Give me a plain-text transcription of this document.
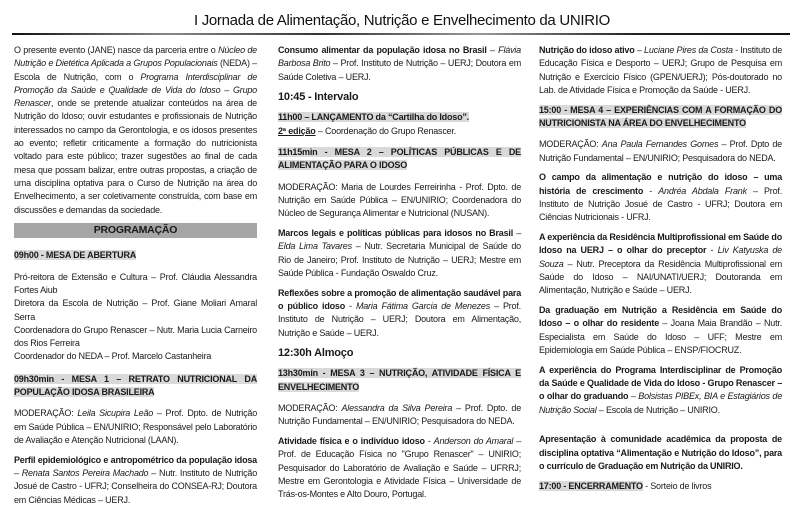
I Jornada de Alimentação, Nutrição e Envelhecimento da UNIRIO
O presente evento (JANE) nasce da parceria entre o Núcleo de Nutrição e Dietética Aplicada a Grupos Populacionais (NEDA) – Escola de Nutrição, com o Programa Interdisciplinar de Promoção da Saúde e Qualidade de Vida do Idoso – Grupo Renascer, onde se pretende atualizar conteúdos na área de Nutrição do Idoso; ouvir estudantes e profissionais de Nutrição interessados no campo da Gerontologia, e os idosos presentes ao evento; refletir criticamente a formação do nutricionista voltado para este público; trazer sugestões ao final de cada mesa que possam balizar, entre outras propostas, a criação de uma disciplina optativa para o Curso de Nutrição na área do Envelhecimento, a ser coletivamente construída, com base em discussões e demandas da sociedade.
PROGRAMAÇÃO
09h00 - MESA DE ABERTURA
Pró-reitora de Extensão e Cultura – Prof. Cláudia Alessandra Fortes Aiub
Diretora da Escola de Nutrição – Prof. Giane Moliari Amaral Serra
Coordenadora do Grupo Renascer – Nutr. Maria Lucia Carneiro dos Rios Ferreira
Coordenador do NEDA – Prof. Marcelo Castanheira
09h30min - MESA 1 – RETRATO NUTRICIONAL DA POPULAÇÃO IDOSA BRASILEIRA
MODERAÇÃO: Leila Sicupira Leão – Prof. Dpto. de Nutrição em Saúde Pública – EN/UNIRIO; Responsável pelo Laboratório de Avaliação e Atenção Nutricional (LAAN).
Perfil epidemiológico e antropométrico da população idosa – Renata Santos Pereira Machado – Nutr. Instituto de Nutrição Josué de Castro - UFRJ; Conselheira do CONSEA-RJ; Doutora em Ciências Médicas – UERJ.
Consumo alimentar da população idosa no Brasil – Flávia Barbosa Brito – Prof. Instituto de Nutrição – UERJ; Doutora em Saúde Coletiva – UERJ.
10:45 - Intervalo
11h00 – LANÇAMENTO da “Cartilha do Idoso”.
2ª edição – Coordenação do Grupo Renascer.
11h15min - MESA 2 – POLÍTICAS PÚBLICAS E DE ALIMENTAÇÃO PARA O IDOSO
MODERAÇÃO: Maria de Lourdes Ferreirinha - Prof. Dpto. de Nutrição em Saúde Pública – EN/UNIRIO; Coordenadora do Núcleo de Segurança Alimentar e Nutricional (NUSAN).
Marcos legais e políticas públicas para idosos no Brasil – Elda Lima Tavares – Nutr. Secretaria Municipal de Saúde do Rio de Janeiro; Prof. Instituto de Nutrição – UERJ; Mestre em Saúde Pública - Fundação Oswaldo Cruz.
Reflexões sobre a promoção de alimentação saudável para o público idoso - Maria Fátima Garcia de Menezes – Prof. Instituto de Nutrição – UERJ; Doutora em Alimentação, Nutrição e Saúde – UERJ.
12:30h Almoço
13h30min - MESA 3 – NUTRIÇÃO, ATIVIDADE FÍSICA E ENVELHECIMENTO
MODERAÇÃO: Alessandra da Silva Pereira – Prof. Dpto. de Nutrição Fundamental – EN/UNIRIO; Pesquisadora do NEDA.
Atividade física e o indivíduo idoso - Anderson do Amaral – Prof. de Educação Física no "Grupo Renascer" – UNIRIO; Pesquisador do Laboratório de Avaliação e Saúde – UFRRJ; Mestre em Gerontologia e Atividade Física – Universidade de Trás-os-Montes e Alto Douro, Portugal.
Nutrição do idoso ativo – Luciane Pires da Costa - Instituto de Educação Física e Desporto – UERJ; Grupo de Pesquisa em Nutrição e Exercício Físico (GPEN/UERJ); Pós-doutorado no Lab. de Atividade Física e Promoção da Saúde - UERJ.
15:00 - MESA 4 – EXPERIÊNCIAS COM A FORMAÇÃO DO NUTRICIONISTA NA ÁREA DO ENVELHECIMENTO
MODERAÇÃO: Ana Paula Fernandes Gomes – Prof. Dpto de Nutrição Fundamental – EN/UNIRIO; Pesquisadora do NEDA.
O campo da alimentação e nutrição do idoso – uma história de crescimento - Andréa Abdala Frank – Prof. Instituto de Nutrição Josué de Castro - UFRJ; Doutora em Ciências Nutricionais - UFRJ.
A experiência da Residência Multiprofissional em Saúde do Idoso na UERJ – o olhar do preceptor - Liv Katyuska de Souza – Nutr. Preceptora da Residência Multiprofissional em Saúde do Idoso – NAI/UNATI/UERJ; Doutoranda em Alimentação, Nutrição e Saúde – UERJ.
Da graduação em Nutrição a Residência em Saúde do Idoso – o olhar do residente – Joana Maia Brandão – Nutr. Especialista em Saúde do Idoso – UFF; Mestre em Epidemiologia em Saúde Pública – ENSP/FIOCRUZ.
A experiência do Programa Interdisciplinar de Promoção da Saúde e Qualidade de Vida do Idoso - Grupo Renascer – o olhar do graduando – Bolsistas PIBEx, BIA e Estagiários de Nutrição Social – Escola de Nutrição – UNIRIO.
Apresentação à comunidade acadêmica da proposta de disciplina optativa “Alimentação e Nutrição do Idoso”, para o currículo de Graduação em Nutrição da UNIRIO.
17:00 - ENCERRAMENTO - Sorteio de livros
